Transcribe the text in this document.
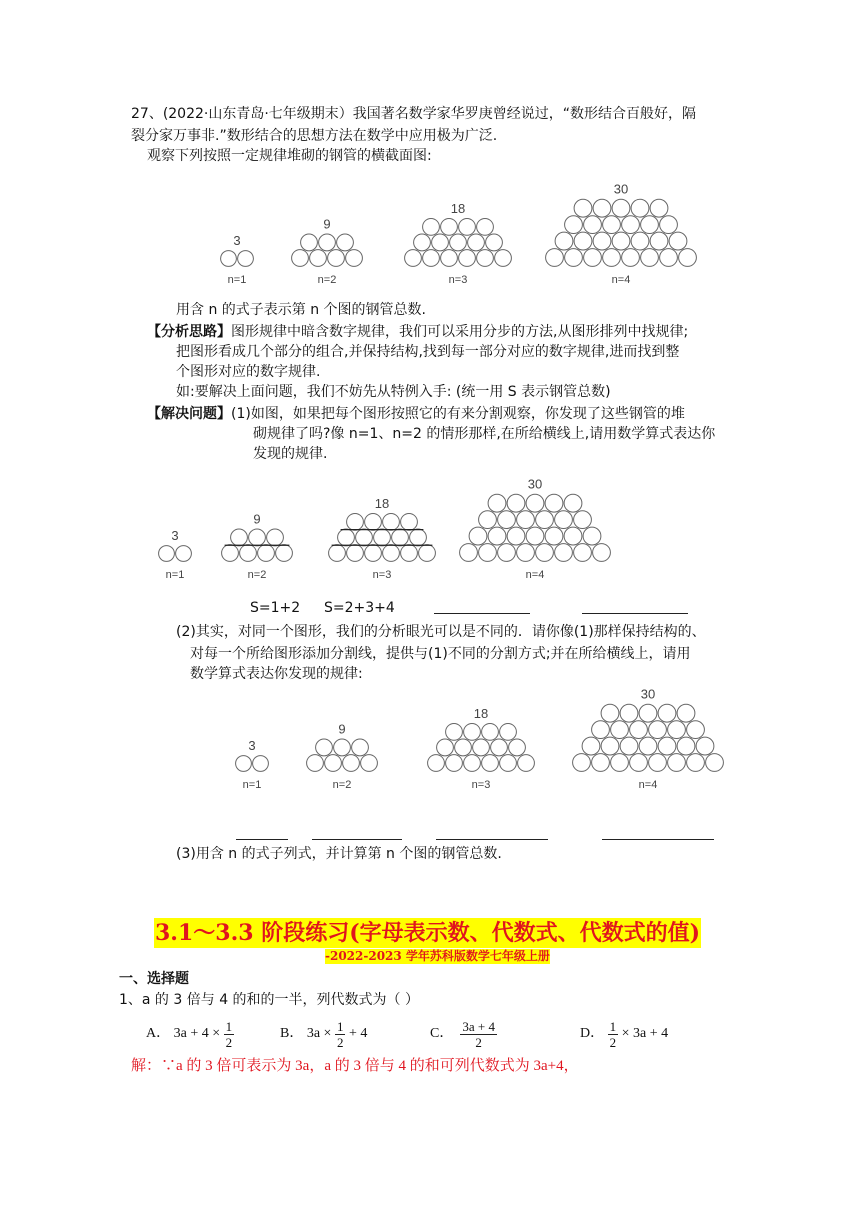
27、(2022·山东青岛·七年级期末）我国著名数学家华罗庚曾经说过，“数形结合百般好，隔
裂分家万事非.”数形结合的思想方法在数学中应用极为广泛.
观察下列按照一定规律堆砌的钢管的横截面图:
3
n=1
9
n=2
18
n=3
30
n=4
用含 n 的式子表示第 n 个图的钢管总数.
【分析思路】图形规律中暗含数字规律，我们可以采用分步的方法,从图形排列中找规律;
把图形看成几个部分的组合,并保持结构,找到每一部分对应的数字规律,进而找到整
个图形对应的数字规律.
如:要解决上面问题，我们不妨先从特例入手: (统一用 S 表示钢管总数)
【解决问题】(1)如图，如果把每个图形按照它的有来分割观察，你发现了这些钢管的堆
砌规律了吗?像 n=1、n=2 的情形那样,在所给横线上,请用数学算式表达你
发现的规律.
3
n=1
9
n=2
18
n=3
30
n=4
S=1+2 S=2+3+4
(2)其实，对同一个图形，我们的分析眼光可以是不同的．请你像(1)那样保持结构的、
对每一个所给图形添加分割线，提供与(1)不同的分割方式;并在所给横线上，请用
数学算式表达你发现的规律:
3
n=1
9
n=2
18
n=3
30
n=4
(3)用含 n 的式子列式，并计算第 n 个图的钢管总数.
3.1～3.3 阶段练习(字母表示数、代数式、代数式的值)
-2022-2023 学年苏科版数学七年级上册
一、选择题
1、a 的 3 倍与 4 的和的一半，列代数式为（ ）
A．
3a + 4 ×
$\frac{1}{2}$	B．
3a ×
$\frac{1}{2}$
+ 4	C．
$\frac{3a + 4}{2}$	D．
$\frac{1}{2}$
× 3a + 4
解：∵a 的 3 倍可表示为 3a，a 的 3 倍与 4 的和可列代数式为 3a+4，
